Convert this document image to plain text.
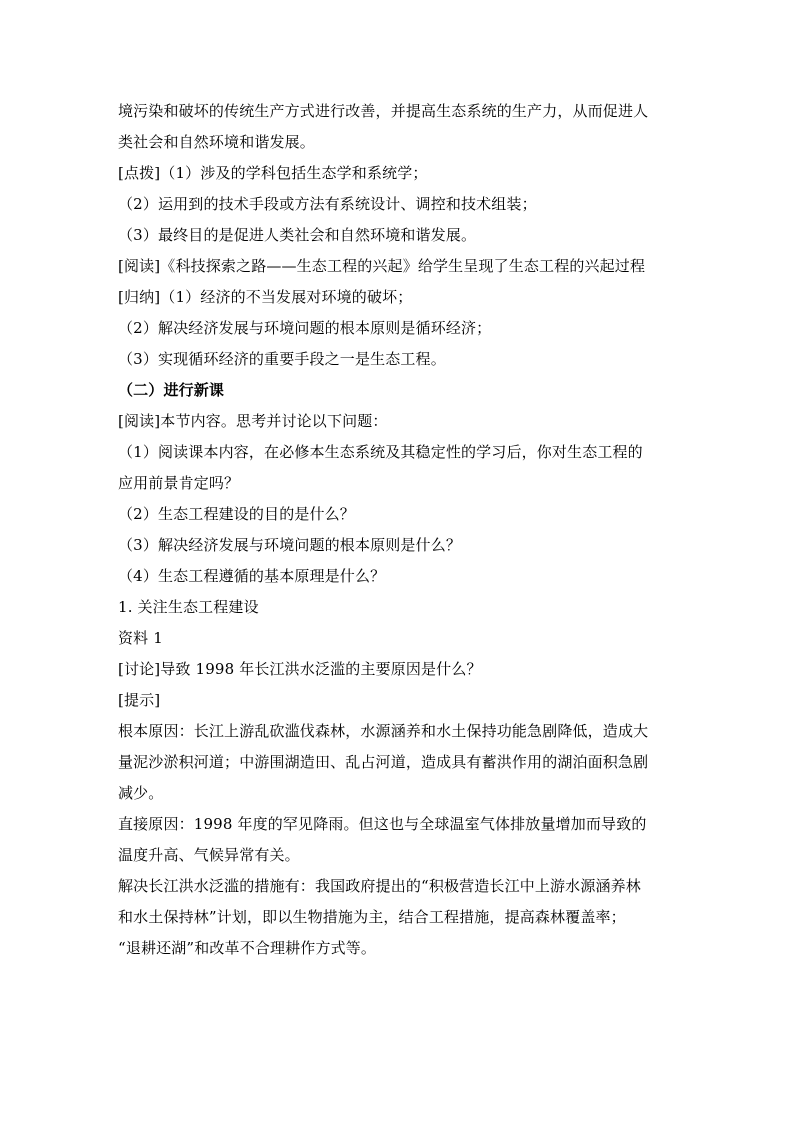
境污染和破坏的传统生产方式进行改善，并提高生态系统的生产力，从而促进人
类社会和自然环境和谐发展。
[点拨]（1）涉及的学科包括生态学和系统学；
（2）运用到的技术手段或方法有系统设计、调控和技术组装；
（3）最终目的是促进人类社会和自然环境和谐发展。
[阅读]《科技探索之路——生态工程的兴起》给学生呈现了生态工程的兴起过程
[归纳]（1）经济的不当发展对环境的破坏；
（2）解决经济发展与环境问题的根本原则是循环经济；
（3）实现循环经济的重要手段之一是生态工程。
（二）进行新课
[阅读]本节内容。思考并讨论以下问题：
（1）阅读课本内容，在必修本生态系统及其稳定性的学习后，你对生态工程的
应用前景肯定吗？
（2）生态工程建设的目的是什么？
（3）解决经济发展与环境问题的根本原则是什么？
（4）生态工程遵循的基本原理是什么？
1. 关注生态工程建设
资料 1
[讨论]导致 1998 年长江洪水泛滥的主要原因是什么？
[提示]
根本原因：长江上游乱砍滥伐森林，水源涵养和水土保持功能急剧降低，造成大
量泥沙淤积河道；中游围湖造田、乱占河道，造成具有蓄洪作用的湖泊面积急剧
减少。
直接原因：1998 年度的罕见降雨。但这也与全球温室气体排放量增加而导致的
温度升高、气候异常有关。
解决长江洪水泛滥的措施有：我国政府提出的“积极营造长江中上游水源涵养林
和水土保持林”计划，即以生物措施为主，结合工程措施，提高森林覆盖率；
“退耕还湖”和改革不合理耕作方式等。
